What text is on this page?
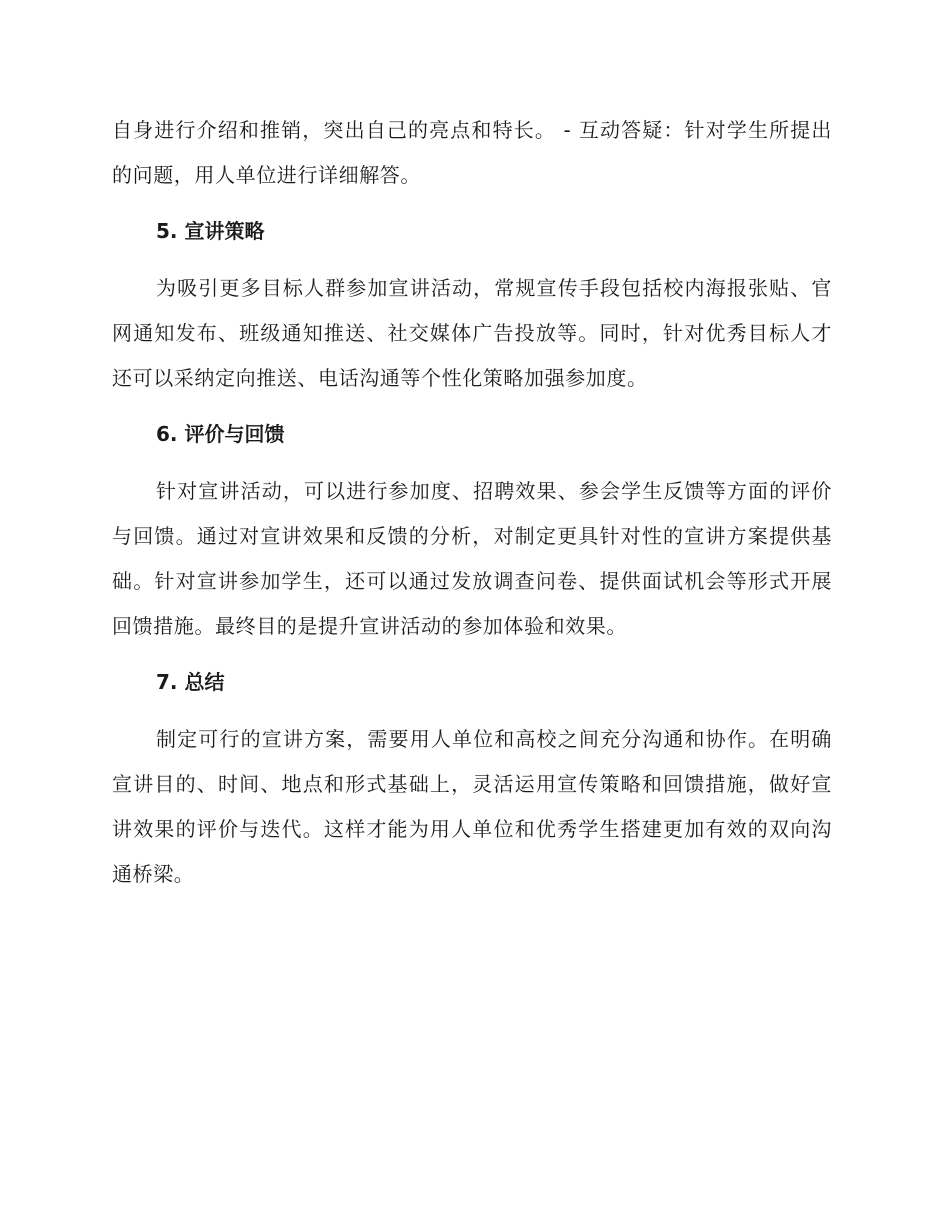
自身进行介绍和推销，突出自己的亮点和特长。 - 互动答疑：针对学生所提出的问题，用人单位进行详细解答。

5. 宣讲策略

为吸引更多目标人群参加宣讲活动，常规宣传手段包括校内海报张贴、官网通知发布、班级通知推送、社交媒体广告投放等。同时，针对优秀目标人才还可以采纳定向推送、电话沟通等个性化策略加强参加度。

6. 评价与回馈

针对宣讲活动，可以进行参加度、招聘效果、参会学生反馈等方面的评价与回馈。通过对宣讲效果和反馈的分析，对制定更具针对性的宣讲方案提供基础。针对宣讲参加学生，还可以通过发放调查问卷、提供面试机会等形式开展回馈措施。最终目的是提升宣讲活动的参加体验和效果。

7. 总结

制定可行的宣讲方案，需要用人单位和高校之间充分沟通和协作。在明确宣讲目的、时间、地点和形式基础上，灵活运用宣传策略和回馈措施，做好宣讲效果的评价与迭代。这样才能为用人单位和优秀学生搭建更加有效的双向沟通桥梁。
